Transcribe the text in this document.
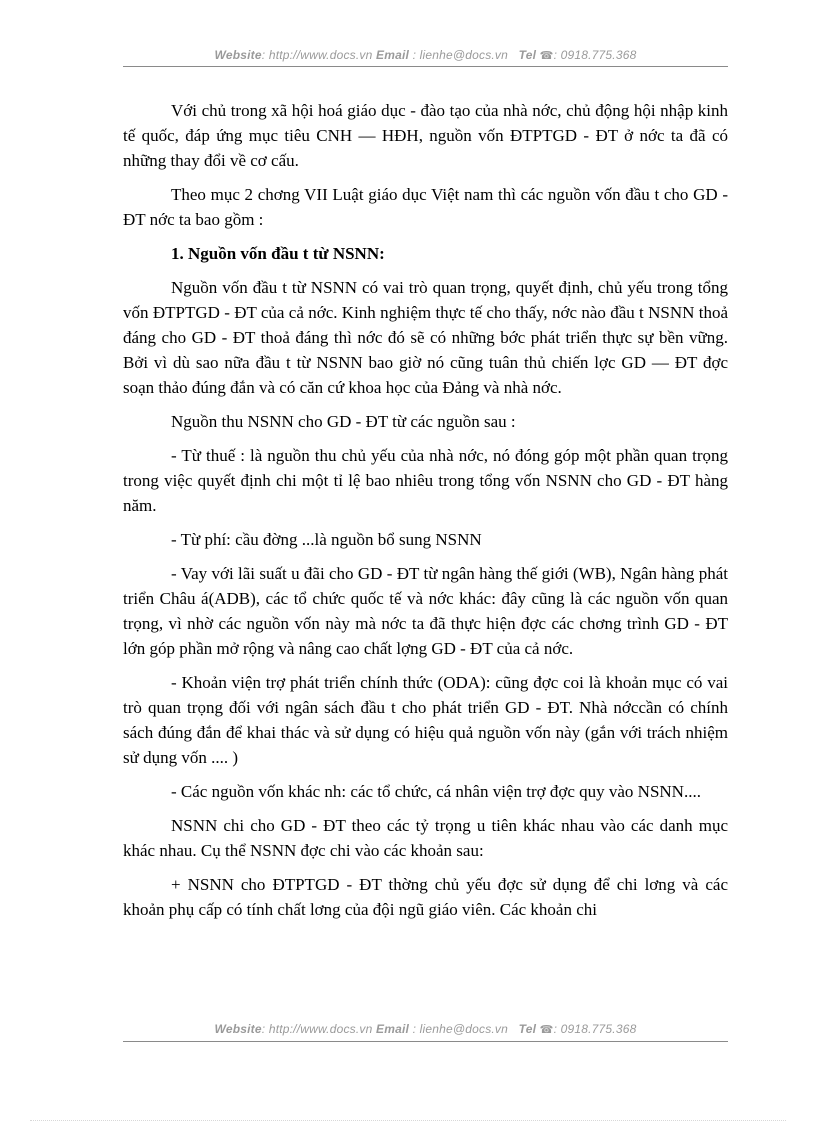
Website: http://www.docs.vn Email : lienhe@docs.vn Tel ☎: 0918.775.368

Với chủ trong xã hội hoá giáo dục - đào tạo của nhà nớc, chủ động hội nhập kinh tế quốc, đáp ứng mục tiêu CNH — HĐH, nguồn vốn ĐTPTGD - ĐT ở nớc ta đã có những thay đổi về cơ cấu.

Theo mục 2 chơng VII Luật giáo dục Việt nam thì các nguồn vốn đầu t cho GD - ĐT nớc ta bao gồm :

1. Nguồn vốn đầu t từ NSNN:

Nguồn vốn đầu t từ NSNN có vai trò quan trọng, quyết định, chủ yếu trong tổng vốn ĐTPTGD - ĐT của cả nớc. Kinh nghiệm thực tế cho thấy, nớc nào đầu t NSNN thoả đáng cho GD - ĐT thoả đáng thì nớc đó sẽ có những bớc phát triển thực sự bền vững. Bởi vì dù sao nữa đầu t từ NSNN bao giờ nó cũng tuân thủ chiến lợc GD — ĐT đợc soạn thảo đúng đắn và có căn cứ khoa học của Đảng và nhà nớc.

Nguồn thu NSNN cho GD - ĐT từ các nguồn sau :

- Từ thuế : là nguồn thu chủ yếu của nhà nớc, nó đóng góp một phần quan trọng trong việc quyết định chi một tỉ lệ bao nhiêu trong tổng vốn NSNN cho GD - ĐT hàng năm.

- Từ phí: cầu đờng ...là nguồn bổ sung NSNN

- Vay với lãi suất u đãi cho GD - ĐT từ ngân hàng thế giới (WB), Ngân hàng phát triển Châu á(ADB), các tổ chức quốc tế và nớc khác: đây cũng là các nguồn vốn quan trọng, vì nhờ các nguồn vốn này mà nớc ta đã thực hiện đợc các chơng trình GD - ĐT lớn góp phần mở rộng và nâng cao chất lợng GD - ĐT của cả nớc.

- Khoản viện trợ phát triển chính thức (ODA): cũng đợc coi là khoản mục có vai trò quan trọng đối với ngân sách đầu t cho phát triển GD - ĐT. Nhà nớccần có chính sách đúng đắn để khai thác và sử dụng có hiệu quả nguồn vốn này (gắn với trách nhiệm sử dụng vốn .... )

- Các nguồn vốn khác nh: các tổ chức, cá nhân viện trợ đợc quy vào NSNN....

NSNN chi cho GD - ĐT theo các tỷ trọng u tiên khác nhau vào các danh mục khác nhau. Cụ thể NSNN đợc chi vào các khoản sau:

+ NSNN cho ĐTPTGD - ĐT thờng chủ yếu đợc sử dụng để chi lơng và các khoản phụ cấp có tính chất lơng của đội ngũ giáo viên. Các khoản chi

Website: http://www.docs.vn Email : lienhe@docs.vn Tel ☎: 0918.775.368
